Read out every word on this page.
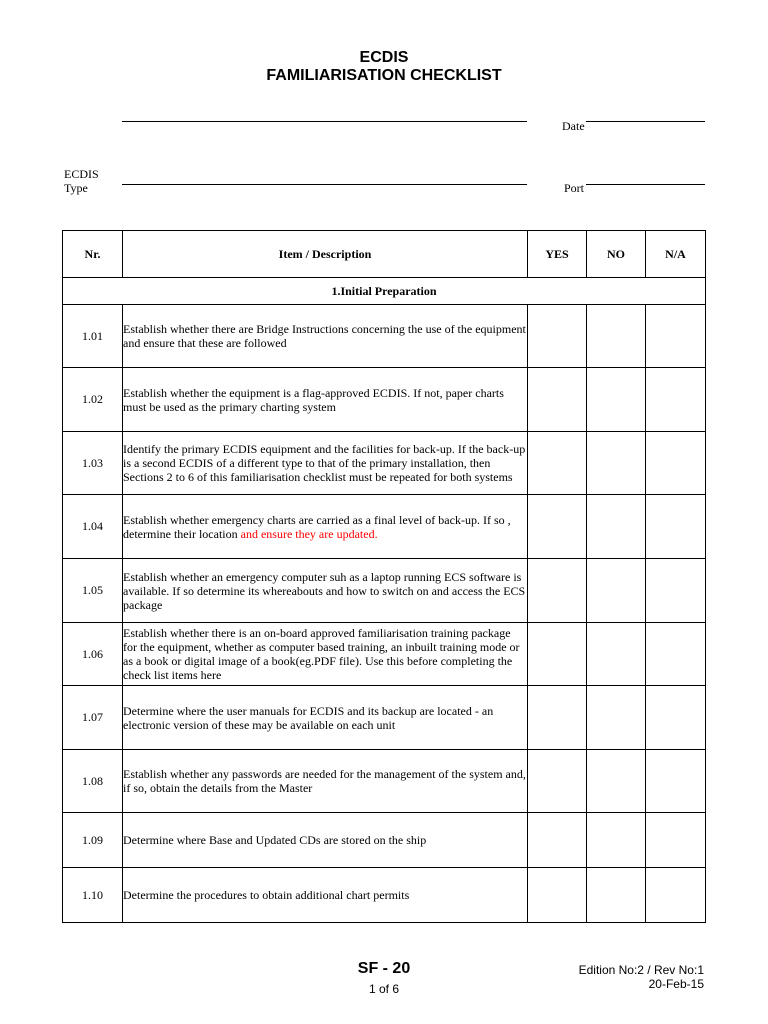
ECDIS
FAMILIARISATION CHECKLIST
Date
ECDIS
Type	Port
Nr.	Item / Description	YES	NO	N/A
1.Initial Preparation				
1.01	Establish whether there are Bridge Instructions concerning the use of the equipment and ensure that these are followed			
1.02	Establish whether the equipment is a flag-approved ECDIS. If not, paper charts must be used as the primary charting system			
1.03	Identify the primary ECDIS equipment and the facilities for back-up. If the back-up is a second ECDIS of a different type to that of the primary installation, then Sections 2 to 6 of this familiarisation checklist must be repeated for both systems			
1.04	Establish whether emergency charts are carried as a final level of back-up. If so , determine their location and ensure they are updated.			
1.05	Establish whether an emergency computer suh as a laptop running ECS software is available. If so determine its whereabouts and how to switch on and access the ECS package			
1.06	Establish whether there is an on-board approved familiarisation training package for the equipment, whether as computer based training, an inbuilt training mode or as a book or digital image of a book(eg.PDF file). Use this before completing the check list items here			
1.07	Determine where the user manuals for ECDIS and its backup are located - an electronic version of these may be available on each unit			
1.08	Establish whether any passwords are needed for the management of the system and, if so, obtain the details from the Master			
1.09	Determine where Base and Updated CDs are stored on the ship			
1.10	Determine the procedures to obtain additional chart permits			
SF - 20
1 of 6
Edition No:2 / Rev No:1
20-Feb-15
